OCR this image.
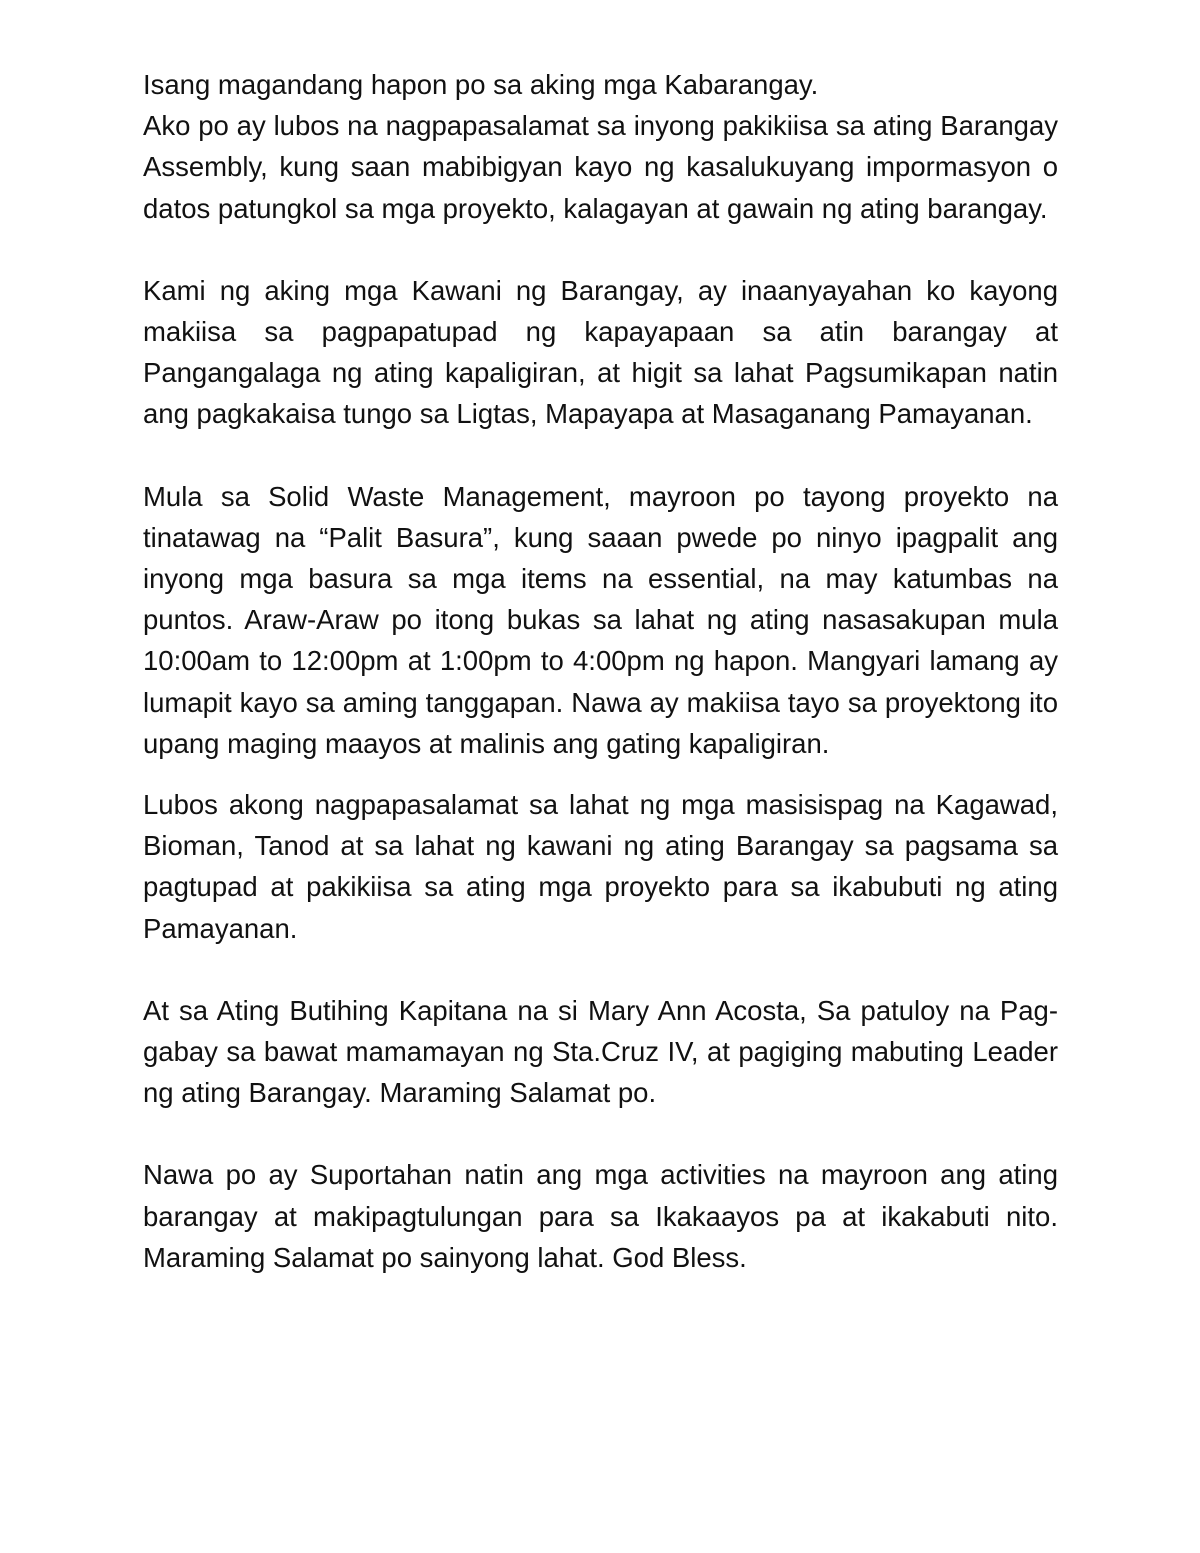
Isang magandang hapon po sa aking mga Kabarangay.

Ako po ay lubos na nagpapasalamat sa inyong pakikiisa sa ating Barangay Assembly, kung saan mabibigyan kayo ng kasalukuyang impormasyon o datos patungkol sa mga proyekto, kalagayan at gawain ng ating barangay.

Kami ng aking mga Kawani ng Barangay, ay inaanyayahan ko kayong makiisa sa pagpapatupad ng kapayapaan sa atin barangay at Pangangalaga ng ating kapaligiran, at higit sa lahat Pagsumikapan natin ang pagkakaisa tungo sa Ligtas, Mapayapa at Masaganang Pamayanan.

Mula sa Solid Waste Management, mayroon po tayong proyekto na tinatawag na “Palit Basura”, kung saaan pwede po ninyo ipagpalit ang inyong mga basura sa mga items na essential, na may katumbas na puntos. Araw-Araw po itong bukas sa lahat ng ating nasasakupan mula 10:00am to 12:00pm at 1:00pm to 4:00pm ng hapon. Mangyari lamang ay lumapit kayo sa aming tanggapan. Nawa ay makiisa tayo sa proyektong ito upang maging maayos at malinis ang gating kapaligiran.

Lubos akong nagpapasalamat sa lahat ng mga masisispag na Kagawad, Bioman, Tanod at sa lahat ng kawani ng ating Barangay sa pagsama sa pagtupad at pakikiisa sa ating mga proyekto para sa ikabubuti ng ating Pamayanan.

At sa Ating Butihing Kapitana na si Mary Ann Acosta, Sa patuloy na Pag-gabay sa bawat mamamayan ng Sta.Cruz IV, at pagiging mabuting Leader ng ating Barangay. Maraming Salamat po.

Nawa po ay Suportahan natin ang mga activities na mayroon ang ating barangay at makipagtulungan para sa Ikakaayos pa at ikakabuti nito. Maraming Salamat po sainyong lahat. God Bless.
